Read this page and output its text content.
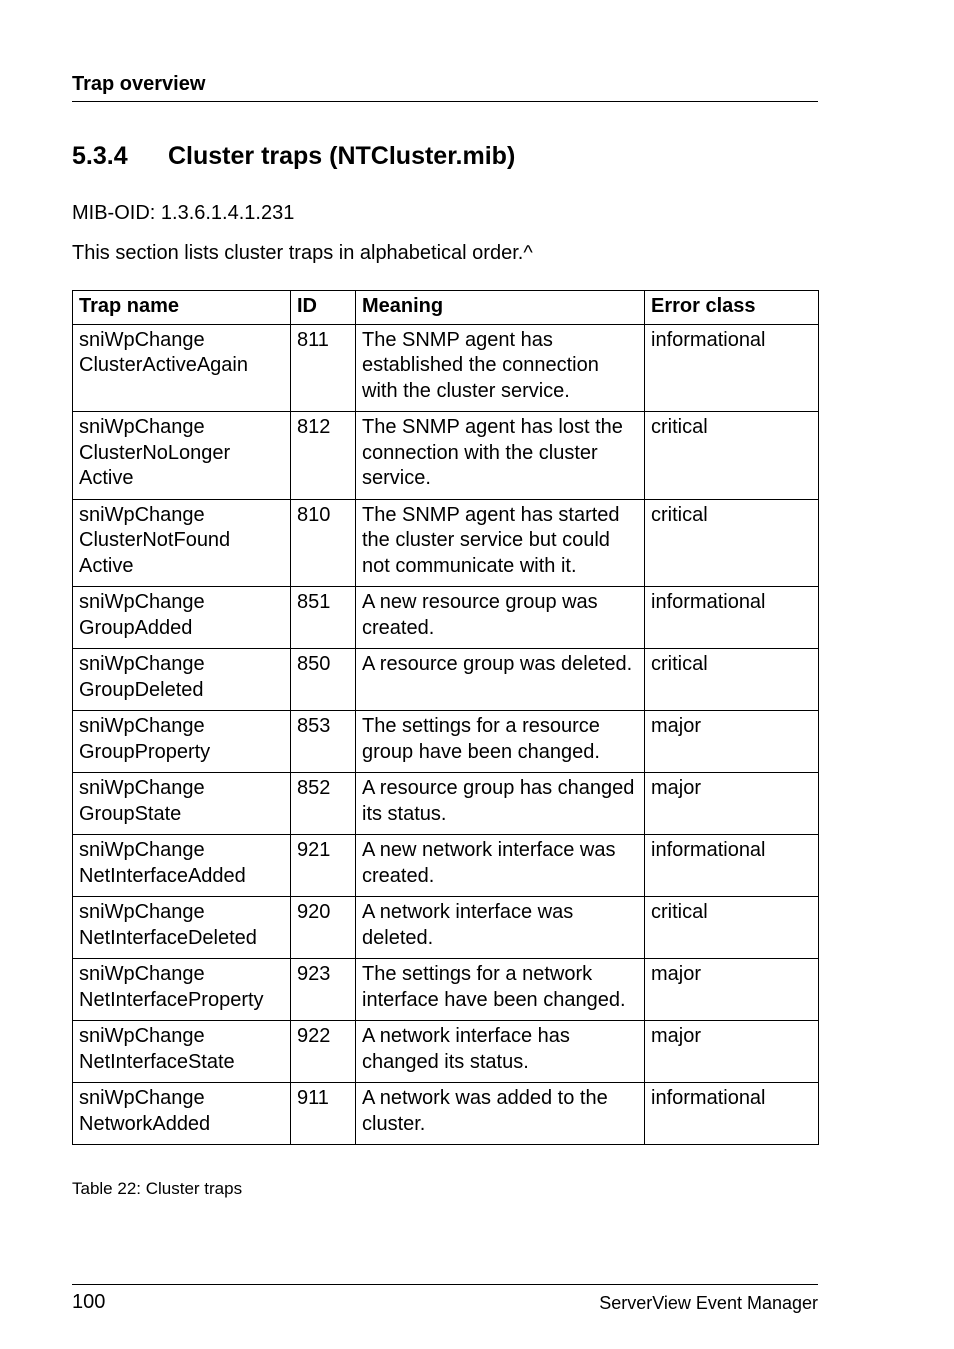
Trap overview
5.3.4 Cluster traps (NTCluster.mib)
MIB-OID: 1.3.6.1.4.1.231
This section lists cluster traps in alphabetical order.^
Trap name	ID	Meaning	Error class

sniWpChange
ClusterActiveAgain	811	The SNMP agent has established the connection with the cluster service.	informational

sniWpChange
ClusterNoLonger
Active	812	The SNMP agent has lost the connection with the cluster service.	critical

sniWpChange
ClusterNotFound
Active	810	The SNMP agent has started the cluster service but could not communicate with it.	critical

sniWpChange
GroupAdded	851	A new resource group was created.	informational

sniWpChange
GroupDeleted	850	A resource group was deleted.	critical

sniWpChange
GroupProperty	853	The settings for a resource group have been changed.	major

sniWpChange
GroupState	852	A resource group has changed its status.	major

sniWpChange
NetInterfaceAdded	921	A new network interface was created.	informational

sniWpChange
NetInterfaceDeleted	920	A network interface was deleted.	critical

sniWpChange
NetInterfaceProperty	923	The settings for a network interface have been changed.	major

sniWpChange
NetInterfaceState	922	A network interface has changed its status.	major

sniWpChange
NetworkAdded	911	A network was added to the cluster.	informational
Table 22: Cluster traps
100	ServerView Event Manager
